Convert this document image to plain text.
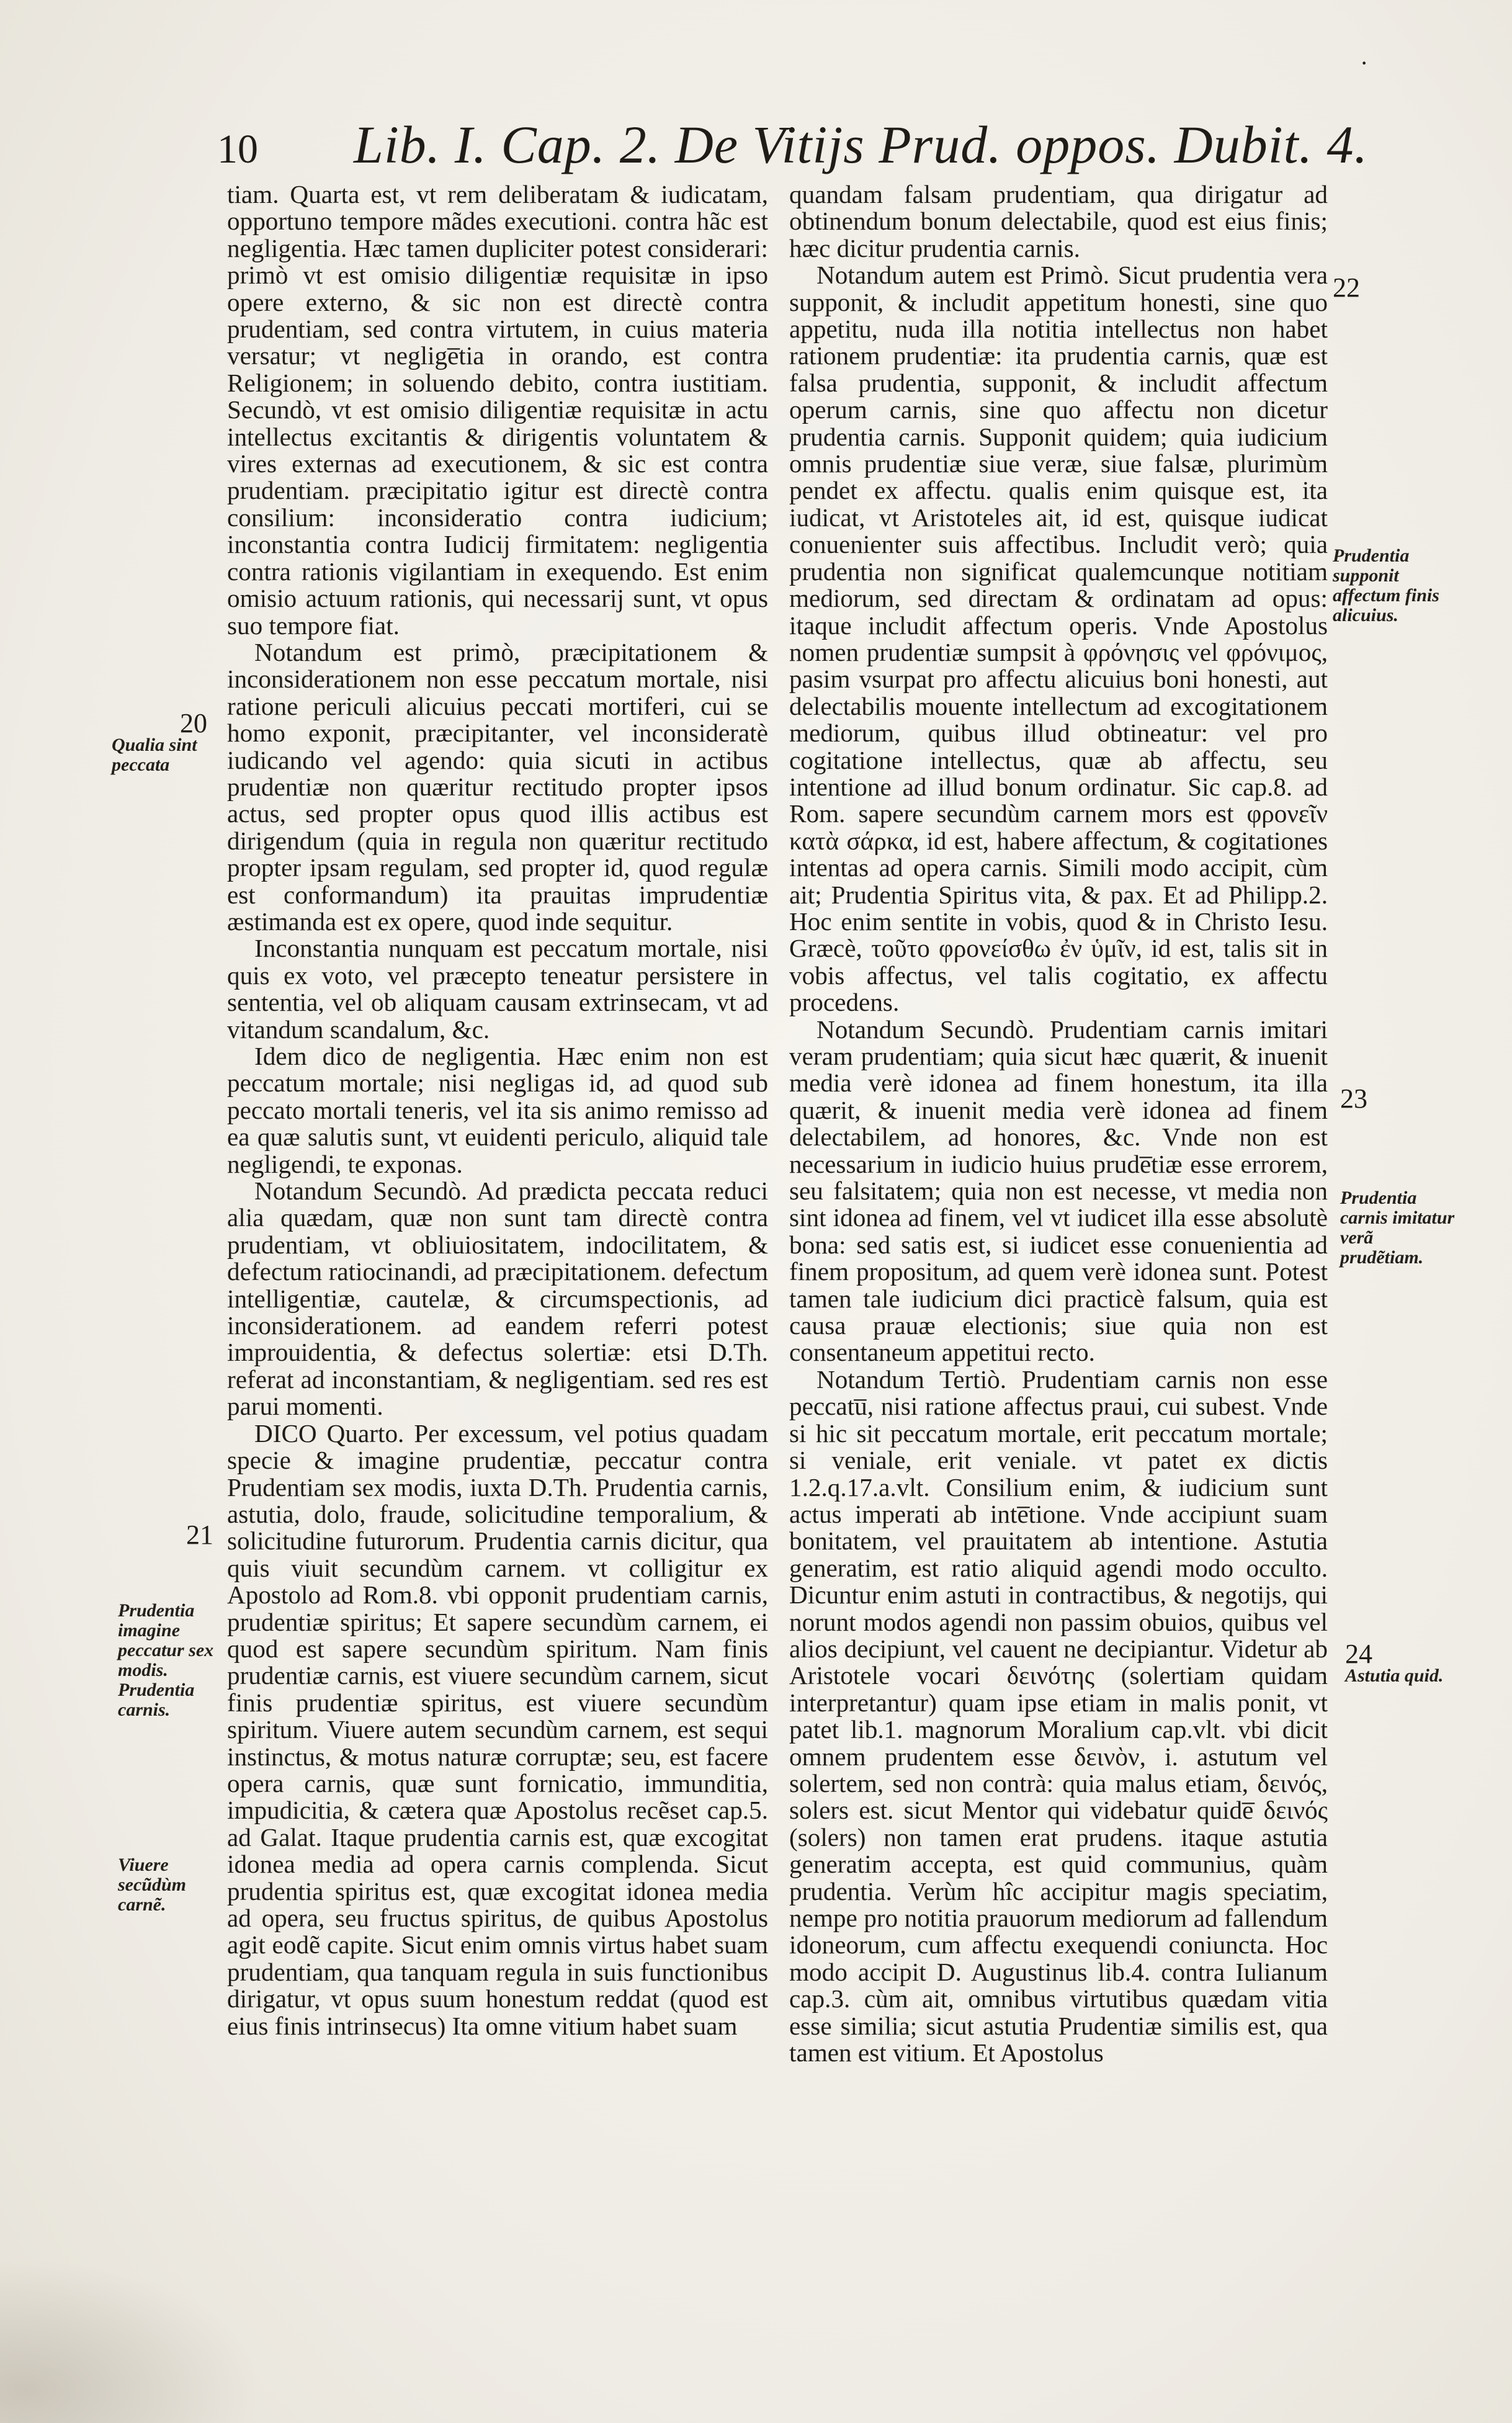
·
10 Lib. I. Cap. 2. De Vitijs Prud. oppos. Dubit. 4.
20
Qualia sint peccata
21
Prudentia imagine peccatur sex modis. Prudentia carnis.
Viuere secũdùm carnẽ.
22
Prudentia supponit affectum finis alicuius.
23
Prudentia carnis imitatur verã prudẽtiam.
24
Astutia quid.

tiam. Quarta est, vt rem deliberatam & iudicatam, opportuno tempore mãdes executioni. contra hãc est negligentia. Hæc tamen dupliciter potest considerari: primò vt est omisio diligentiæ requisitæ in ipso opere externo, & sic non est directè contra prudentiam, sed contra virtutem, in cuius materia versatur; vt neglige̅tia in orando, est contra Religionem; in soluendo debito, contra iustitiam. Secundò, vt est omisio diligentiæ requisitæ in actu intellectus excitantis & dirigentis voluntatem & vires externas ad executionem, & sic est contra prudentiam. præcipitatio igitur est directè contra consilium: inconsideratio contra iudicium; inconstantia contra Iudicij firmitatem: negligentia contra rationis vigilantiam in exequendo. Est enim omisio actuum rationis, qui necessarij sunt, vt opus suo tempore fiat.

Notandum est primò, præcipitationem & inconsiderationem non esse peccatum mortale, nisi ratione periculi alicuius peccati mortiferi, cui se homo exponit, præcipitanter, vel inconsideratè iudicando vel agendo: quia sicuti in actibus prudentiæ non quæritur rectitudo propter ipsos actus, sed propter opus quod illis actibus est dirigendum (quia in regula non quæritur rectitudo propter ipsam regulam, sed propter id, quod regulæ est conformandum) ita prauitas imprudentiæ æstimanda est ex opere, quod inde sequitur.

Inconstantia nunquam est peccatum mortale, nisi quis ex voto, vel præcepto teneatur persistere in sententia, vel ob aliquam causam extrinsecam, vt ad vitandum scandalum, &c.

Idem dico de negligentia. Hæc enim non est peccatum mortale; nisi negligas id, ad quod sub peccato mortali teneris, vel ita sis animo remisso ad ea quæ salutis sunt, vt euidenti periculo, aliquid tale negligendi, te exponas.

Notandum Secundò. Ad prædicta peccata reduci alia quædam, quæ non sunt tam directè contra prudentiam, vt obliuiositatem, indocilitatem, & defectum ratiocinandi, ad præcipitationem. defectum intelligentiæ, cautelæ, & circumspectionis, ad inconsiderationem. ad eandem referri potest improuidentia, & defectus solertiæ: etsi D.Th. referat ad inconstantiam, & negligentiam. sed res est parui momenti.

DICO Quarto. Per excessum, vel potius quadam specie & imagine prudentiæ, peccatur contra Prudentiam sex modis, iuxta D.Th. Prudentia carnis, astutia, dolo, fraude, solicitudine temporalium, & solicitudine futurorum. Prudentia carnis dicitur, qua quis viuit secundùm carnem. vt colligitur ex Apostolo ad Rom.8. vbi opponit prudentiam carnis, prudentiæ spiritus; Et sapere secundùm carnem, ei quod est sapere secundùm spiritum. Nam finis prudentiæ carnis, est viuere secundùm carnem, sicut finis prudentiæ spiritus, est viuere secundùm spiritum. Viuere autem secundùm carnem, est sequi instinctus, & motus naturæ corruptæ; seu, est facere opera carnis, quæ sunt fornicatio, immunditia, impudicitia, & cætera quæ Apostolus recẽset cap.5. ad Galat. Itaque prudentia carnis est, quæ excogitat idonea media ad opera carnis complenda. Sicut prudentia spiritus est, quæ excogitat idonea media ad opera, seu fructus spiritus, de quibus Apostolus agit eodẽ capite. Sicut enim omnis virtus habet suam prudentiam, qua tanquam regula in suis functionibus dirigatur, vt opus suum honestum reddat (quod est eius finis intrinsecus) Ita omne vitium habet suam

quandam falsam prudentiam, qua dirigatur ad obtinendum bonum delectabile, quod est eius finis; hæc dicitur prudentia carnis.

Notandum autem est Primò. Sicut prudentia vera supponit, & includit appetitum honesti, sine quo appetitu, nuda illa notitia intellectus non habet rationem prudentiæ: ita prudentia carnis, quæ est falsa prudentia, supponit, & includit affectum operum carnis, sine quo affectu non dicetur prudentia carnis. Supponit quidem; quia iudicium omnis prudentiæ siue veræ, siue falsæ, plurimùm pendet ex affectu. qualis enim quisque est, ita iudicat, vt Aristoteles ait, id est, quisque iudicat conuenienter suis affectibus. Includit verò; quia prudentia non significat qualemcunque notitiam mediorum, sed directam & ordinatam ad opus: itaque includit affectum operis. Vnde Apostolus nomen prudentiæ sumpsit à φρόνησις vel φρόνιμος, pasim vsurpat pro affectu alicuius boni honesti, aut delectabilis mouente intellectum ad excogitationem mediorum, quibus illud obtineatur: vel pro cogitatione intellectus, quæ ab affectu, seu intentione ad illud bonum ordinatur. Sic cap.8. ad Rom. sapere secundùm carnem mors est φρονεῖν κατὰ σάρκα, id est, habere affectum, & cogitationes intentas ad opera carnis. Simili modo accipit, cùm ait; Prudentia Spiritus vita, & pax. Et ad Philipp.2. Hoc enim sentite in vobis, quod & in Christo Iesu. Græcè, τοῦτο φρονείσθω ἐν ὑμῖν, id est, talis sit in vobis affectus, vel talis cogitatio, ex affectu procedens.

Notandum Secundò. Prudentiam carnis imitari veram prudentiam; quia sicut hæc quærit, & inuenit media verè idonea ad finem honestum, ita illa quærit, & inuenit media verè idonea ad finem delectabilem, ad honores, &c. Vnde non est necessarium in iudicio huius prude̅tiæ esse errorem, seu falsitatem; quia non est necesse, vt media non sint idonea ad finem, vel vt iudicet illa esse absolutè bona: sed satis est, si iudicet esse conuenientia ad finem propositum, ad quem verè idonea sunt. Potest tamen tale iudicium dici practicè falsum, quia est causa prauæ electionis; siue quia non est consentaneum appetitui recto.

Notandum Tertiò. Prudentiam carnis non esse peccatu̅, nisi ratione affectus praui, cui subest. Vnde si hic sit peccatum mortale, erit peccatum mortale; si veniale, erit veniale. vt patet ex dictis 1.2.q.17.a.vlt. Consilium enim, & iudicium sunt actus imperati ab inte̅tione. Vnde accipiunt suam bonitatem, vel prauitatem ab intentione. Astutia generatim, est ratio aliquid agendi modo occulto. Dicuntur enim astuti in contractibus, & negotijs, qui norunt modos agendi non passim obuios, quibus vel alios decipiunt, vel cauent ne decipiantur. Videtur ab Aristotele vocari δεινότης (solertiam quidam interpretantur) quam ipse etiam in malis ponit, vt patet lib.1. magnorum Moralium cap.vlt. vbi dicit omnem prudentem esse δεινὸν, i. astutum vel solertem, sed non contrà: quia malus etiam, δεινός, solers est. sicut Mentor qui videbatur quide̅ δεινός (solers) non tamen erat prudens. itaque astutia generatim accepta, est quid communius, quàm prudentia. Verùm hîc accipitur magis speciatim, nempe pro notitia prauorum mediorum ad fallendum idoneorum, cum affectu exequendi coniuncta. Hoc modo accipit D. Augustinus lib.4. contra Iulianum cap.3. cùm ait, omnibus virtutibus quædam vitia esse similia; sicut astutia Prudentiæ similis est, qua tamen est vitium. Et Apostolus
